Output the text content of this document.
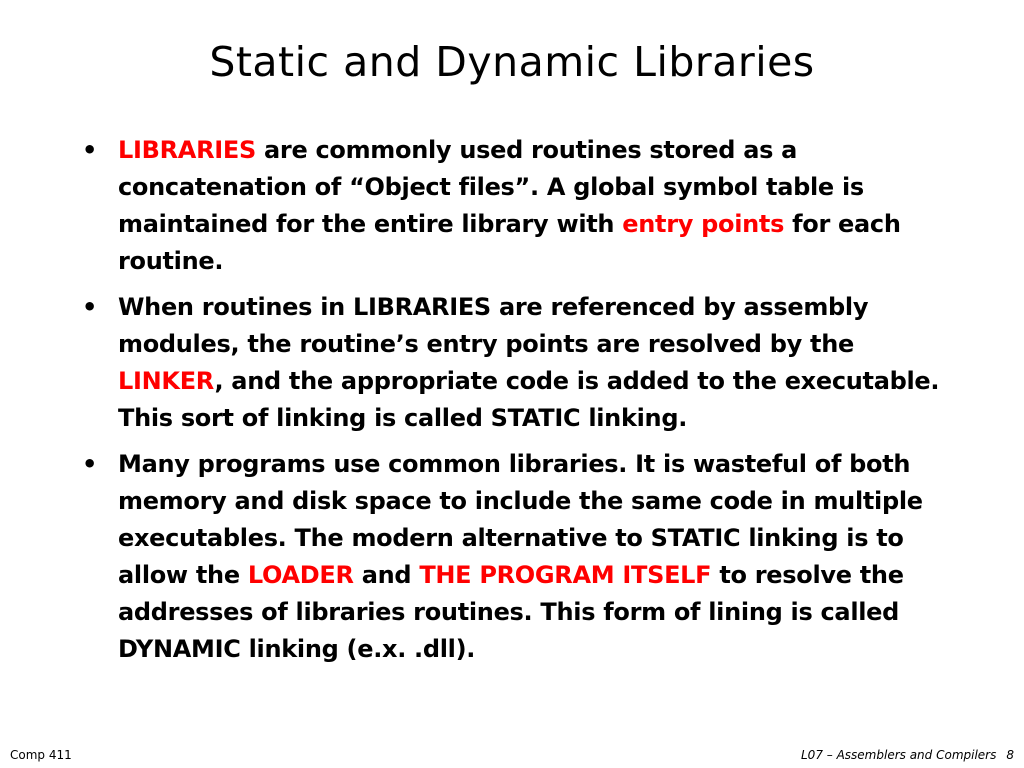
Static and Dynamic Libraries
• LIBRARIES are commonly used routines stored as a concatenation of “Object files”. A global symbol table is maintained for the entire library with entry points for each routine.
• When routines in LIBRARIES are referenced by assembly modules, the routine’s entry points are resolved by the LINKER, and the appropriate code is added to the executable. This sort of linking is called STATIC linking.
• Many programs use common libraries. It is wasteful of both memory and disk space to include the same code in multiple executables. The modern alternative to STATIC linking is to allow the LOADER and THE PROGRAM ITSELF to resolve the addresses of libraries routines. This form of lining is called DYNAMIC linking (e.x. .dll).
Comp 411	L07 – Assemblers and Compilers 8
